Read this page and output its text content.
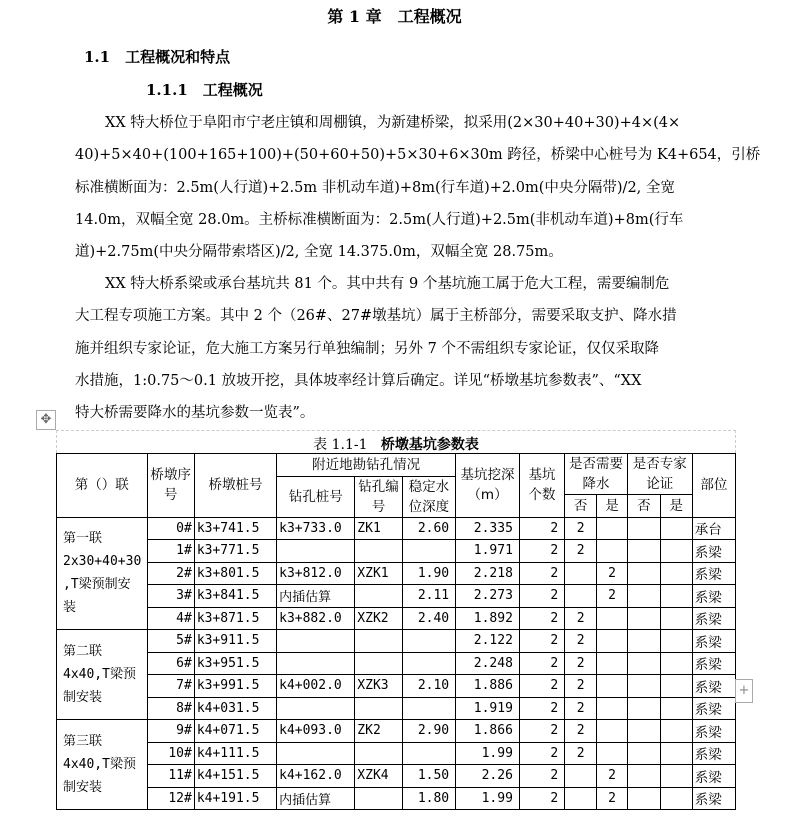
第 1 章　工程概况
1.1　工程概况和特点
1.1.1　工程概况
XX 特大桥位于阜阳市宁老庄镇和周棚镇，为新建桥梁，拟采用(2×30+40+30)+4×(4×
40)+5×40+(100+165+100)+(50+60+50)+5×30+6×30m 跨径，桥梁中心桩号为 K4+654，引桥
标准横断面为：2.5m(人行道)+2.5m 非机动车道)+8m(行车道)+2.0m(中央分隔带)/2, 全宽
14.0m，双幅全宽 28.0m。主桥标准横断面为：2.5m(人行道)+2.5m(非机动车道)+8m(行车
道)+2.75m(中央分隔带索塔区)/2, 全宽 14.375.0m，双幅全宽 28.75m。
XX 特大桥系梁或承台基坑共 81 个。其中共有 9 个基坑施工属于危大工程，需要编制危
大工程专项施工方案。其中 2 个（26#、27#墩基坑）属于主桥部分，需要采取支护、降水措
施并组织专家论证，危大施工方案另行单独编制；另外 7 个不需组织专家论证，仅仅采取降
水措施，1:0.75～0.1 放坡开挖，具体坡率经计算后确定。详见“桥墩基坑参数表”、“XX
特大桥需要降水的基坑参数一览表”。
✥
表 1.1-1 桥墩基坑参数表
第（）联	桥墩序号	桥墩桩号	附近地勘钻孔情况			基坑挖深（m）	基坑个数	是否需要降水		是否专家论证		部位
			钻孔桩号	钻孔编号	稳定水位深度							
								否	是	否	是	
第一联
2x30+40+30
,T梁预制安
装	0#	k3+741.5	k3+733.0	ZK1	2.60	2.335	2	2				承台
	1#	k3+771.5				1.971	2	2				系梁
	2#	k3+801.5	k3+812.0	XZK1	1.90	2.218	2		2			系梁
	3#	k3+841.5	内插估算		2.11	2.273	2		2			系梁
	4#	k3+871.5	k3+882.0	XZK2	2.40	1.892	2	2				系梁
第二联
4x40,T梁预
制安装	5#	k3+911.5				2.122	2	2				系梁
	6#	k3+951.5				2.248	2	2				系梁
	7#	k3+991.5	k4+002.0	XZK3	2.10	1.886	2	2				系梁
	8#	k4+031.5				1.919	2	2				系梁
第三联
4x40,T梁预
制安装	9#	k4+071.5	k4+093.0	ZK2	2.90	1.866	2	2				系梁
	10#	k4+111.5				1.99	2	2				系梁
	11#	k4+151.5	k4+162.0	XZK4	1.50	2.26	2		2			系梁
	12#	k4+191.5	内插估算		1.80	1.99	2		2			系梁
+
